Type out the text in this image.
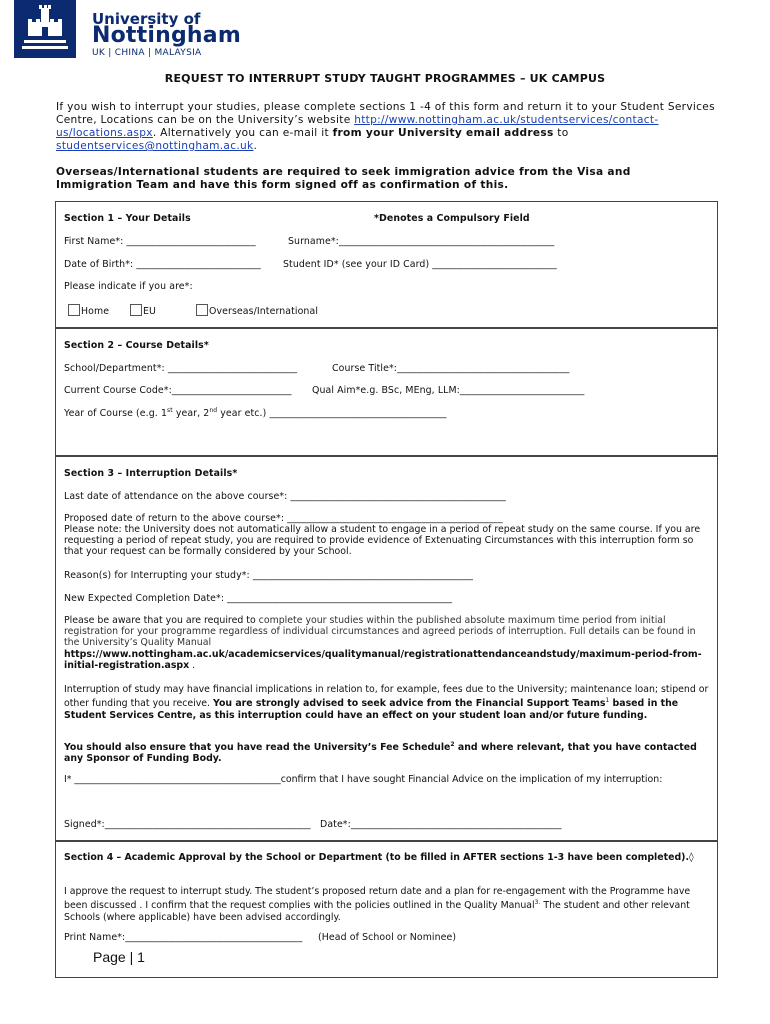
University of
Nottingham
UK | CHINA | MALAYSIA
REQUEST TO INTERRUPT STUDY TAUGHT PROGRAMMES – UK CAMPUS
If you wish to interrupt your studies, please complete sections 1 -4 of this form and return it to your Student Services Centre, Locations can be on the University’s website http://www.nottingham.ac.uk/studentservices/contact-us/locations.aspx. Alternatively you can e-mail it from your University email address to studentservices@nottingham.ac.uk.
Overseas/International students are required to seek immigration advice from the Visa and Immigration Team and have this form signed off as confirmation of this.
Section 1 – Your Details	*Denotes a Compulsory Field
First Name*: ___________________________	Surname*:_____________________________________________
Date of Birth*: __________________________ Student ID* (see your ID Card) __________________________
Please indicate if you are*:
Home	EU	Overseas/International
Section 2 – Course Details*
School/Department*: ___________________________	Course Title*:____________________________________
Current Course Code*:_________________________ Qual Aim*e.g. BSc, MEng, LLM:__________________________
Year of Course (e.g. 1st year, 2nd year etc.) _____________________________________
Section 3 – Interruption Details*
Last date of attendance on the above course*: _____________________________________________
Proposed date of return to the above course*: _____________________________________________
Please note: the University does not automatically allow a student to engage in a period of repeat study on the same course. If you are requesting a period of repeat study, you are required to provide evidence of Extenuating Circumstances with this interruption form so that your request can be formally considered by your School.
Reason(s) for Interrupting your study*: ______________________________________________
New Expected Completion Date*: _______________________________________________
Please be aware that you are required to complete your studies within the published absolute maximum time period from initial registration for your programme regardless of individual circumstances and agreed periods of interruption. Full details can be found in the University’s Quality Manual https://www.nottingham.ac.uk/academicservices/qualitymanual/registrationattendanceandstudy/maximum-period-from-initial-registration.aspx .
Interruption of study may have financial implications in relation to, for example, fees due to the University; maintenance loan; stipend or other funding that you receive. You are strongly advised to seek advice from the Financial Support Teams$^1$ based in the Student Services Centre, as this interruption could have an effect on your student loan and/or future funding.
You should also ensure that you have read the University’s Fee Schedule$^2$ and where relevant, that you have contacted any Sponsor of Funding Body.
I* ____________________________________________confirm that I have sought Financial Advice on the implication of my interruption:
Signed*:___________________________________________ Date*:____________________________________________
Section 4 – Academic Approval by the School or Department (to be filled in AFTER sections 1-3 have been completed).◊
I approve the request to interrupt study. The student’s proposed return date and a plan for re-engagement with the Programme have been discussed . I confirm that the request complies with the policies outlined in the Quality Manual$^{3.}$ The student and other relevant Schools (where applicable) have been advised accordingly.
Print Name*:_____________________________________ (Head of School or Nominee)
Page | 1
